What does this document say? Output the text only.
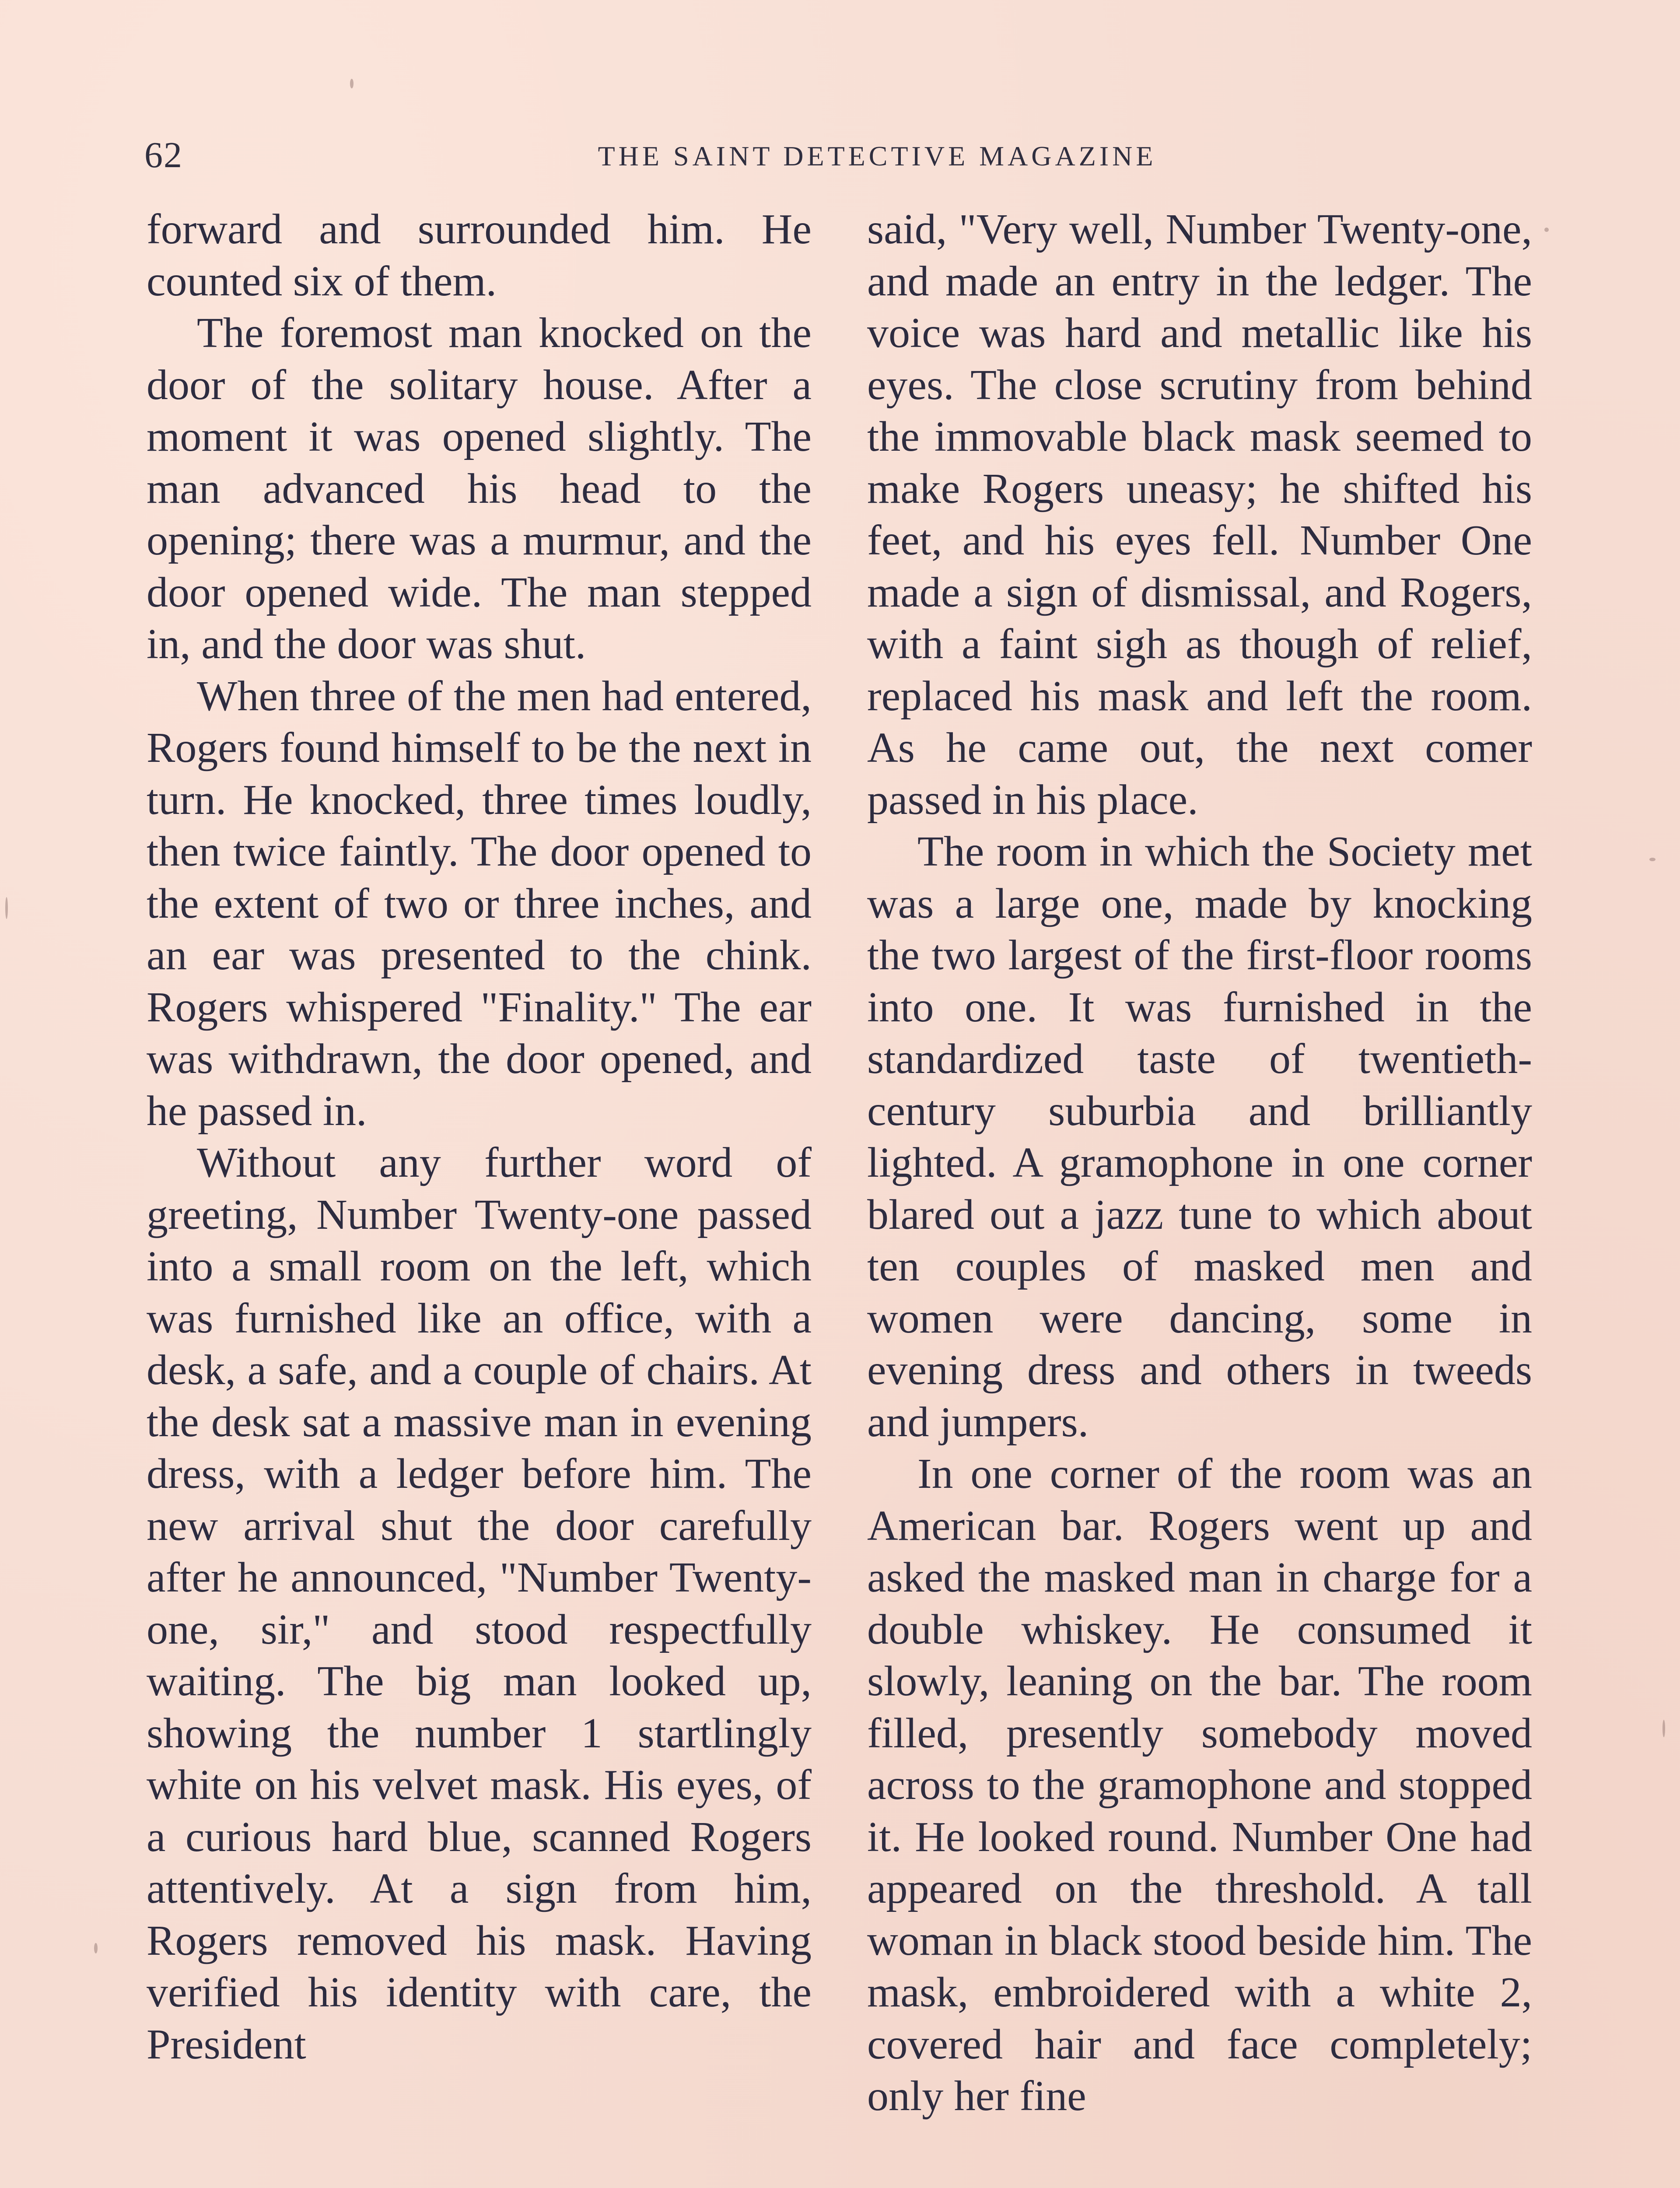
62	THE SAINT DETECTIVE MAGAZINE

forward and surrounded him. He counted six of them.

The foremost man knocked on the door of the solitary house. After a moment it was opened slightly. The man advanced his head to the opening; there was a murmur, and the door opened wide. The man stepped in, and the door was shut.

When three of the men had entered, Rogers found himself to be the next in turn. He knocked, three times loudly, then twice faintly. The door opened to the extent of two or three inches, and an ear was presented to the chink. Rogers whispered "Finality." The ear was withdrawn, the door opened, and he passed in.

Without any further word of greeting, Number Twenty-one passed into a small room on the left, which was furnished like an office, with a desk, a safe, and a couple of chairs. At the desk sat a massive man in evening dress, with a ledger before him. The new arrival shut the door carefully after he announced, "Number Twenty-one, sir," and stood respectfully waiting. The big man looked up, showing the number 1 startlingly white on his velvet mask. His eyes, of a curious hard blue, scanned Rogers attentively. At a sign from him, Rogers removed his mask. Having verified his identity with care, the President

said, "Very well, Number Twenty-one, and made an entry in the ledger. The voice was hard and metallic like his eyes. The close scrutiny from behind the immovable black mask seemed to make Rogers uneasy; he shifted his feet, and his eyes fell. Number One made a sign of dismissal, and Rogers, with a faint sigh as though of relief, replaced his mask and left the room. As he came out, the next comer passed in his place.

The room in which the Society met was a large one, made by knocking the two largest of the first-floor rooms into one. It was furnished in the standardized taste of twentieth-century suburbia and brilliantly lighted. A gramophone in one corner blared out a jazz tune to which about ten couples of masked men and women were dancing, some in evening dress and others in tweeds and jumpers.

In one corner of the room was an American bar. Rogers went up and asked the masked man in charge for a double whiskey. He consumed it slowly, leaning on the bar. The room filled, presently somebody moved across to the gramophone and stopped it. He looked round. Number One had appeared on the threshold. A tall woman in black stood beside him. The mask, embroidered with a white 2, covered hair and face completely; only her fine
